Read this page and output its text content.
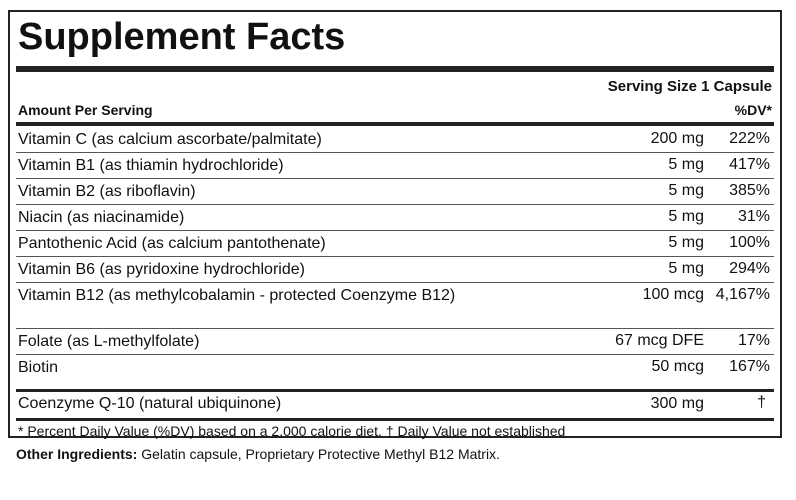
Supplement Facts
Serving Size 1 Capsule
Amount Per Serving	%DV*
Vitamin C (as calcium ascorbate/palmitate)	200 mg 222%
Vitamin B1 (as thiamin hydrochloride)	5 mg 417%
Vitamin B2 (as riboflavin)	5 mg 385%
Niacin (as niacinamide)	5 mg 31%
Pantothenic Acid (as calcium pantothenate)	5 mg 100%
Vitamin B6 (as pyridoxine hydrochloride)	5 mg 294%
Vitamin B12 (as methylcobalamin - protected Coenzyme B12)	100 mcg 4,167%
Folate (as L-methylfolate)	67 mcg DFE 17%
Biotin	50 mcg 167%
Coenzyme Q-10 (natural ubiquinone)	300 mg	†
* Percent Daily Value (%DV) based on a 2,000 calorie diet. † Daily Value not established
Other Ingredients: Gelatin capsule, Proprietary Protective Methyl B12 Matrix.
